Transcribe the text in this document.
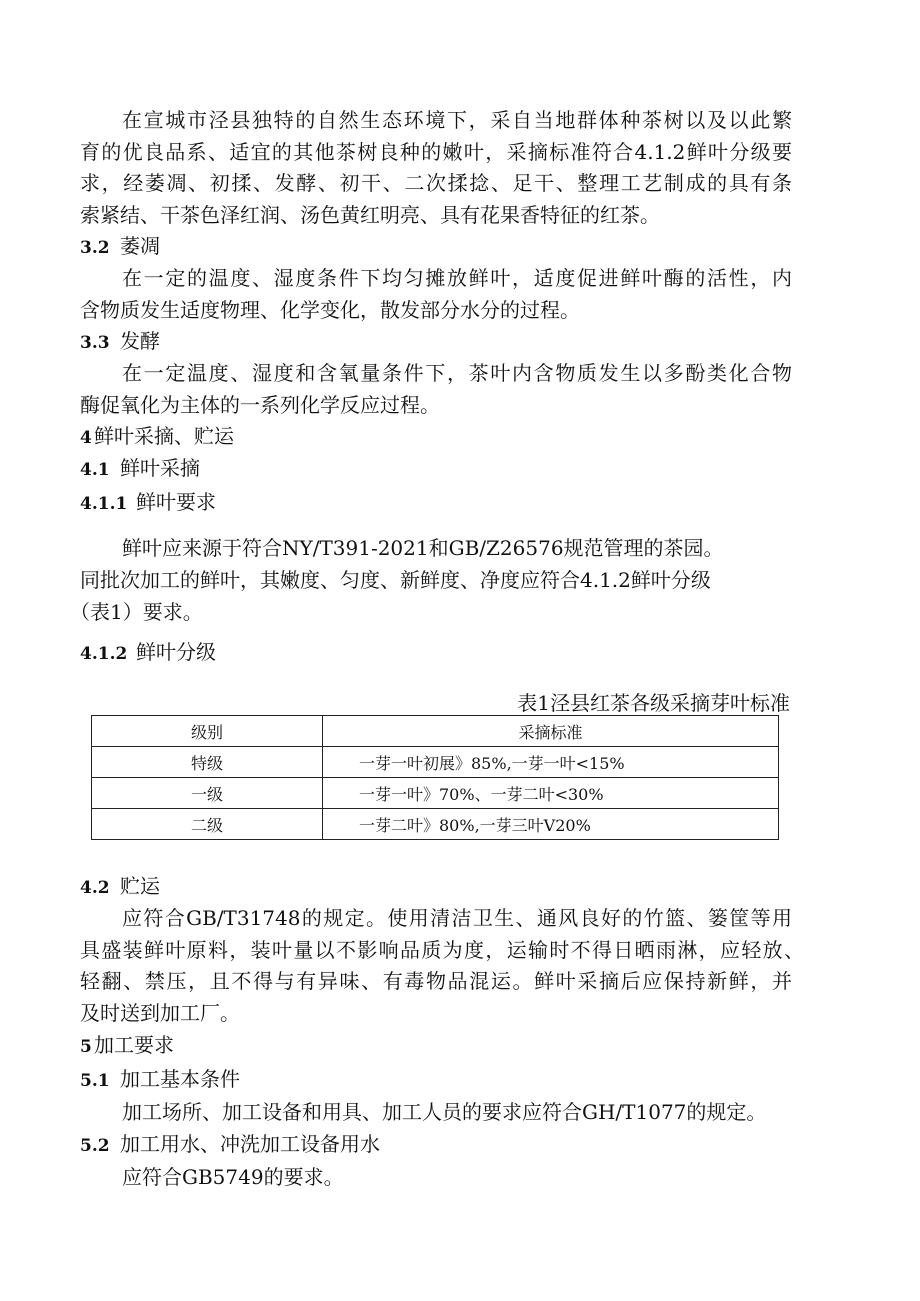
在宣城市泾县独特的自然生态环境下，采自当地群体种茶树以及以此繁
育的优良品系、适宜的其他茶树良种的嫩叶，采摘标准符合4.1.2鲜叶分级要
求，经萎凋、初揉、发酵、初干、二次揉捻、足干、整理工艺制成的具有条
索紧结、干茶色泽红润、汤色黄红明亮、具有花果香特征的红茶。
3.2 萎凋
在一定的温度、湿度条件下均匀摊放鲜叶，适度促进鲜叶酶的活性，内
含物质发生适度物理、化学变化，散发部分水分的过程。
3.3 发酵
在一定温度、湿度和含氧量条件下，茶叶内含物质发生以多酚类化合物
酶促氧化为主体的一系列化学反应过程。
4 鲜叶采摘、贮运
4.1 鲜叶采摘
4.1.1 鲜叶要求
鲜叶应来源于符合NY/T391-2021和GB/Z26576规范管理的茶园。
同批次加工的鲜叶，其嫩度、匀度、新鲜度、净度应符合4.1.2鲜叶分级
（表1）要求。
4.1.2 鲜叶分级
表1泾县红茶各级采摘芽叶标准
级别	采摘标准
特级	一芽一叶初展》85%,一芽一叶<15%
一级	一芽一叶》70%、一芽二叶<30%
二级	一芽二叶》80%,一芽三叶V20%
4.2 贮运
应符合GB/T31748的规定。使用清洁卫生、通风良好的竹篮、篓筐等用
具盛装鲜叶原料，装叶量以不影响品质为度，运输时不得日晒雨淋，应轻放、
轻翻、禁压，且不得与有异味、有毒物品混运。鲜叶采摘后应保持新鲜，并
及时送到加工厂。
5 加工要求
5.1 加工基本条件
加工场所、加工设备和用具、加工人员的要求应符合GH/T1077的规定。
5.2 加工用水、冲洗加工设备用水
应符合GB5749的要求。
